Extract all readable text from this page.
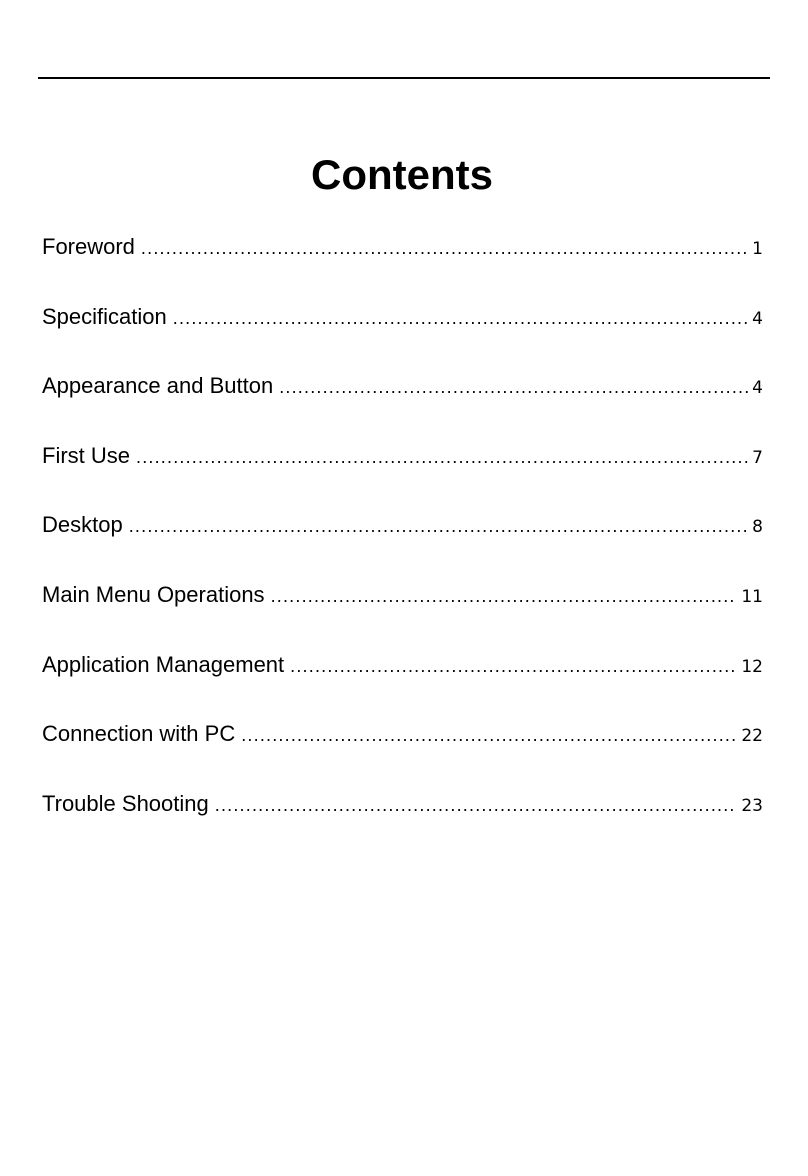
Contents
Foreword .....	1
Specification .....	4
Appearance and Button .....	4
First Use .....	7
Desktop .....	8
Main Menu Operations .....	11
Application Management .....	12
Connection with PC .....	22
Trouble Shooting .....	23
